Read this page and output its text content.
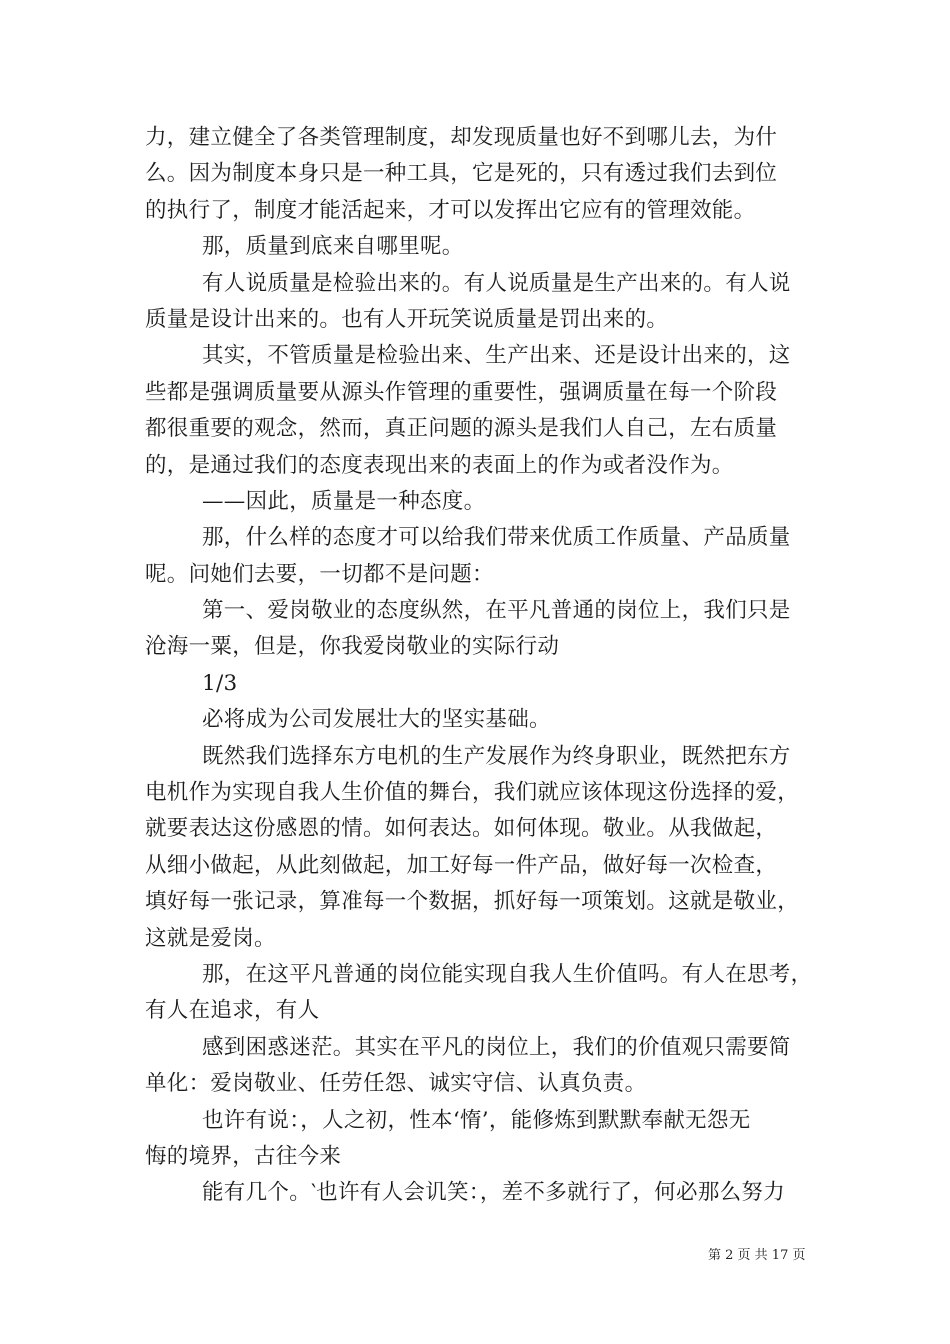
力，建立健全了各类管理制度，却发现质量也好不到哪儿去，为什
么。因为制度本身只是一种工具，它是死的，只有透过我们去到位
的执行了，制度才能活起来，才可以发挥出它应有的管理效能。
那，质量到底来自哪里呢。
有人说质量是检验出来的。有人说质量是生产出来的。有人说
质量是设计出来的。也有人开玩笑说质量是罚出来的。
其实，不管质量是检验出来、生产出来、还是设计出来的，这
些都是强调质量要从源头作管理的重要性，强调质量在每一个阶段
都很重要的观念，然而，真正问题的源头是我们人自己，左右质量
的，是通过我们的态度表现出来的表面上的作为或者没作为。
——因此，质量是一种态度。
那，什么样的态度才可以给我们带来优质工作质量、产品质量
呢。问她们去要，一切都不是问题：
第一、爱岗敬业的态度纵然，在平凡普通的岗位上，我们只是
沧海一粟，但是，你我爱岗敬业的实际行动
1/3
必将成为公司发展壮大的坚实基础。
既然我们选择东方电机的生产发展作为终身职业，既然把东方
电机作为实现自我人生价值的舞台，我们就应该体现这份选择的爱，
就要表达这份感恩的情。如何表达。如何体现。敬业。从我做起，
从细小做起，从此刻做起，加工好每一件产品，做好每一次检查，
填好每一张记录，算准每一个数据，抓好每一项策划。这就是敬业，
这就是爱岗。
那，在这平凡普通的岗位能实现自我人生价值吗。有人在思考，
有人在追求，有人
感到困惑迷茫。其实在平凡的岗位上，我们的价值观只需要简
单化：爱岗敬业、任劳任怨、诚实守信、认真负责。
也许有说：，人之初，性本‘惰’，能修炼到默默奉献无怨无
悔的境界，古往今来
能有几个。‵也许有人会讥笑：，差不多就行了，何必那么努力
第 2 页 共 17 页
